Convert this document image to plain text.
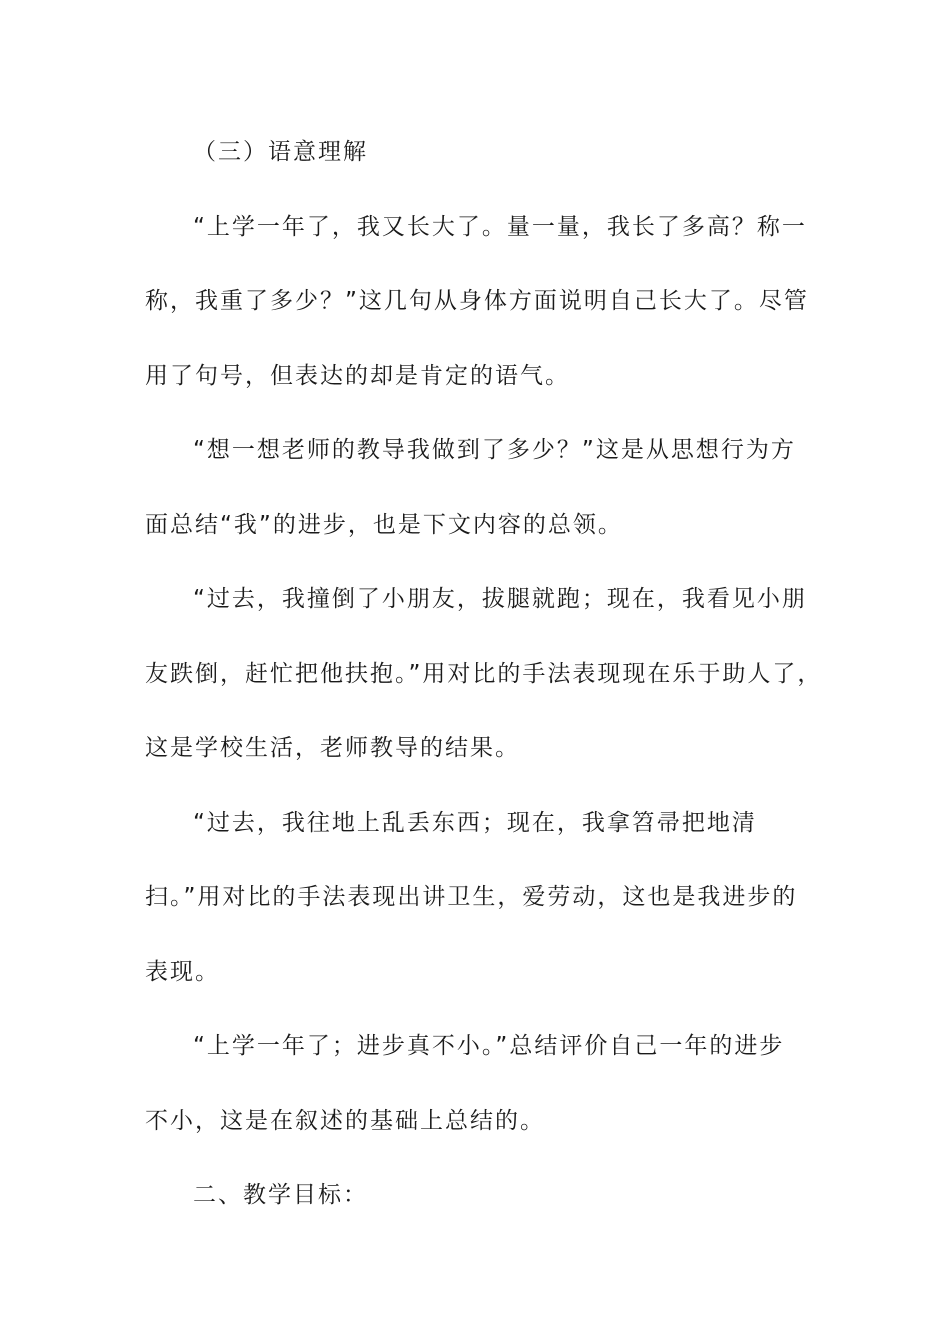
（三）语意理解
“上学一年了，我又长大了。量一量，我长了多高？称一
称，我重了多少？”这几句从身体方面说明自己长大了。尽管
用了句号，但表达的却是肯定的语气。
“想一想老师的教导我做到了多少？”这是从思想行为方
面总结“我”的进步，也是下文内容的总领。
“过去，我撞倒了小朋友，拔腿就跑；现在，我看见小朋
友跌倒，赶忙把他扶抱。”用对比的手法表现现在乐于助人了，
这是学校生活，老师教导的结果。
“过去，我往地上乱丢东西；现在，我拿笤帚把地清
扫。”用对比的手法表现出讲卫生，爱劳动，这也是我进步的
表现。
“上学一年了；进步真不小。”总结评价自己一年的进步
不小，这是在叙述的基础上总结的。
二、教学目标：
